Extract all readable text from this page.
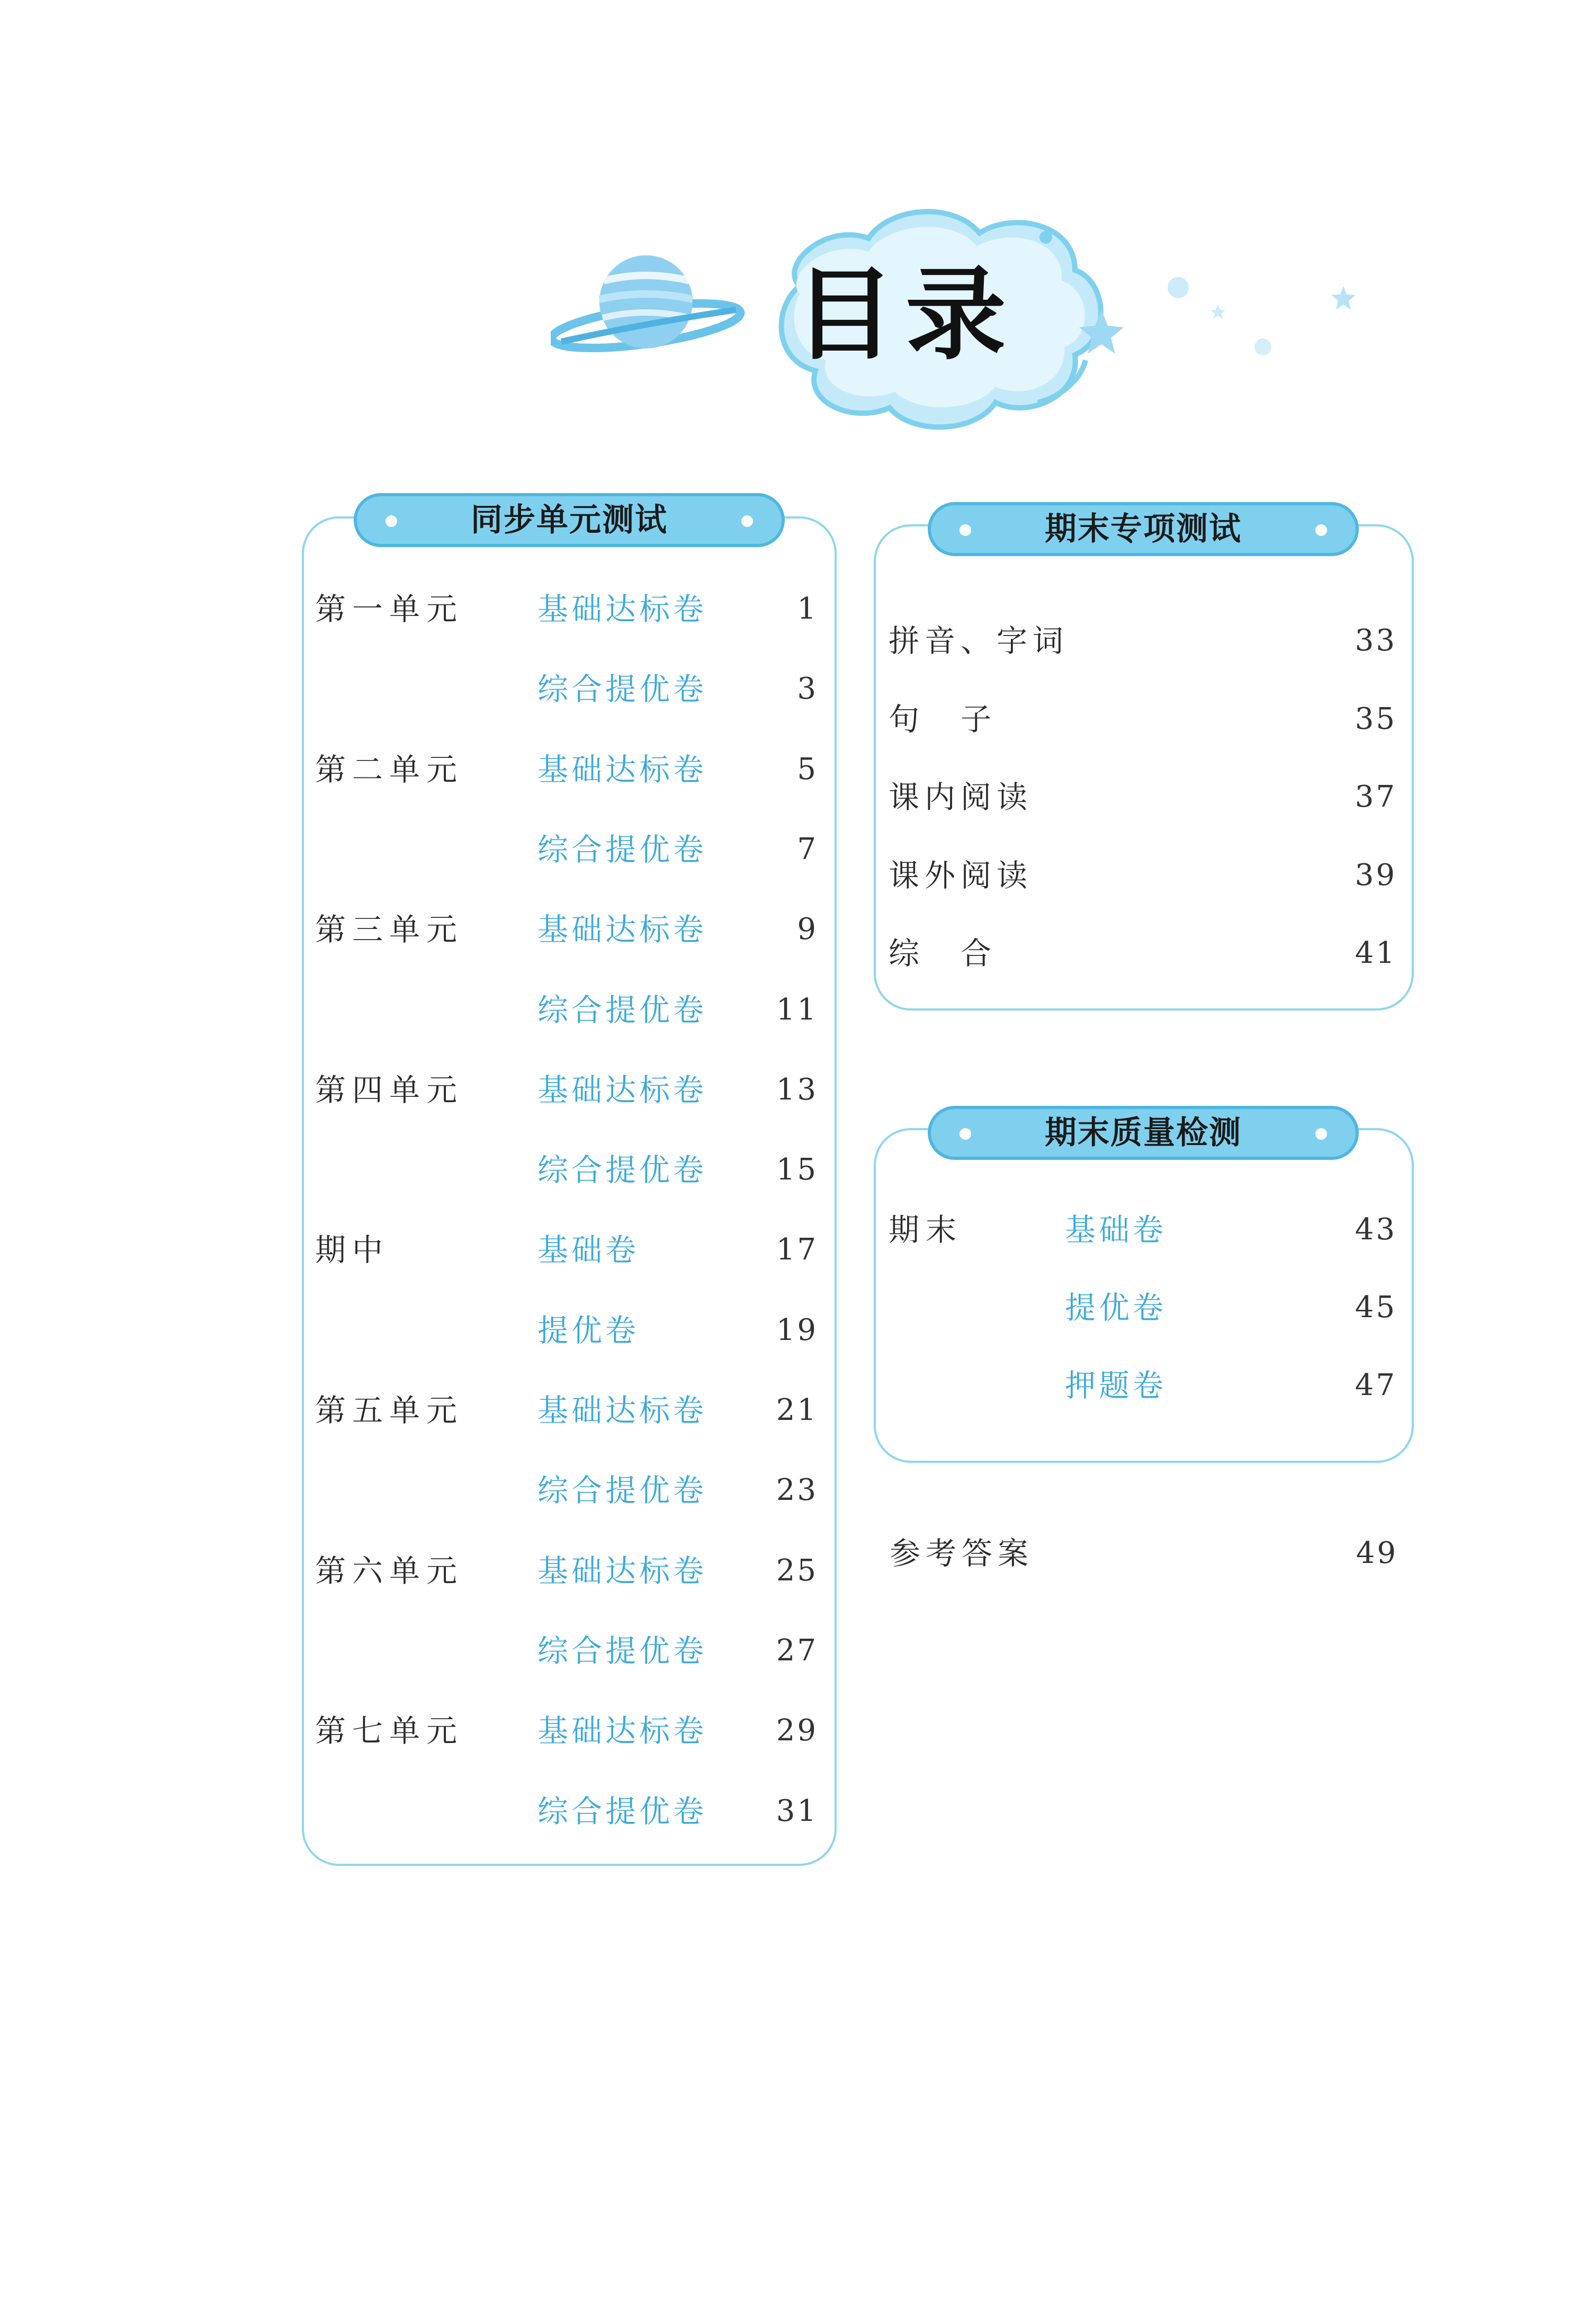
目录
同步单元测试
第一单元 基础达标卷	1
综合提优卷	3
第二单元 基础达标卷	5
综合提优卷	7
第三单元 基础达标卷	9
综合提优卷	11
第四单元 基础达标卷	13
综合提优卷	15
期中	基础卷	17
提优卷	19
第五单元 基础达标卷	21
综合提优卷	23
第六单元 基础达标卷	25
综合提优卷	27
第七单元 基础达标卷	29
综合提优卷	31
期末专项测试
拼音、字词	33
句　子	35
课内阅读	37
课外阅读	39
综　合	41
期末质量检测
期末	基础卷	43
提优卷	45
押题卷	47
参考答案	49
